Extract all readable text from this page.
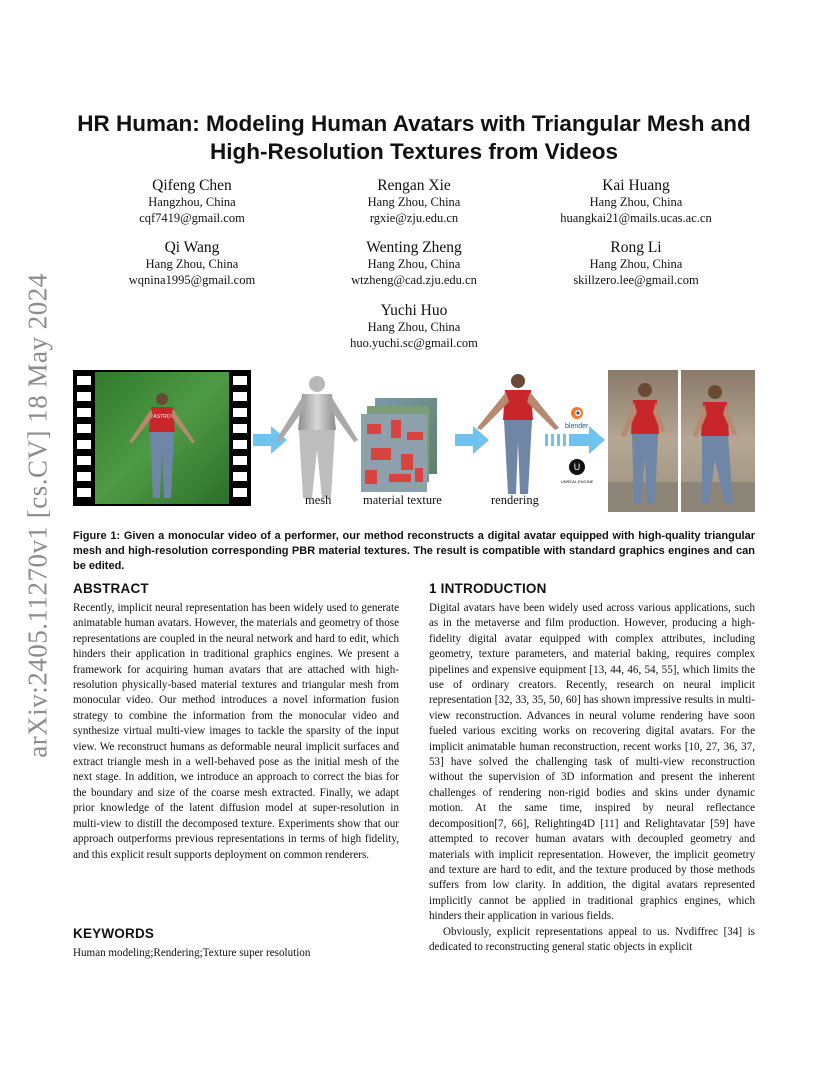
arXiv:2405.11270v1 [cs.CV] 18 May 2024
HR Human: Modeling Human Avatars with Triangular Mesh and
High-Resolution Textures from Videos
Qifeng Chen
Hangzhou, China
cqf7419@gmail.com
Rengan Xie
Hang Zhou, China
rgxie@zju.edu.cn
Kai Huang
Hang Zhou, China
huangkai21@mails.ucas.ac.cn
Qi Wang
Hang Zhou, China
wqnina1995@gmail.com
Wenting Zheng
Hang Zhou, China
wtzheng@cad.zju.edu.cn
Rong Li
Hang Zhou, China
skillzero.lee@gmail.com
Yuchi Huo
Hang Zhou, China
huo.yuchi.sc@gmail.com
ASTRO
blender
U
UNREAL ENGINE
mesh	material texture	rendering
Figure 1: Given a monocular video of a performer, our method reconstructs a digital avatar equipped with high-quality triangular mesh and high-resolution corresponding PBR material textures. The result is compatible with standard graphics engines and can be edited.
ABSTRACT

Recently, implicit neural representation has been widely used to generate animatable human avatars. However, the materials and geometry of those representations are coupled in the neural network and hard to edit, which hinders their application in traditional graphics engines. We present a framework for acquiring human avatars that are attached with high-resolution physically-based material textures and triangular mesh from monocular video. Our method introduces a novel information fusion strategy to combine the information from the monocular video and synthesize virtual multi-view images to tackle the sparsity of the input view. We reconstruct humans as deformable neural implicit surfaces and extract triangle mesh in a well-behaved pose as the initial mesh of the next stage. In addition, we introduce an approach to correct the bias for the boundary and size of the coarse mesh extracted. Finally, we adapt prior knowledge of the latent diffusion model at super-resolution in multi-view to distill the decomposed texture. Experiments show that our approach outperforms previous representations in terms of high fidelity, and this explicit result supports deployment on common renderers.

KEYWORDS
Human modeling;Rendering;Texture super resolution
1 INTRODUCTION

Digital avatars have been widely used across various applications, such as in the metaverse and film production. However, producing a high-fidelity digital avatar equipped with complex attributes, including geometry, texture parameters, and material baking, requires complex pipelines and expensive equipment [13, 44, 46, 54, 55], which limits the use of ordinary creators. Recently, research on neural implicit representation [32, 33, 35, 50, 60] has shown impressive results in multi-view reconstruction. Advances in neural volume rendering have soon fueled various exciting works on recovering digital avatars. For the implicit animatable human reconstruction, recent works [10, 27, 36, 37, 53] have solved the challenging task of multi-view reconstruction without the supervision of 3D information and present the inherent challenges of rendering non-rigid bodies and skins under dynamic motion. At the same time, inspired by neural reflectance decomposition[7, 66], Relighting4D [11] and Relightavatar [59] have attempted to recover human avatars with decoupled geometry and materials with implicit representation. However, the implicit geometry and texture are hard to edit, and the texture produced by those methods suffers from low clarity. In addition, the digital avatars represented implicitly cannot be applied in traditional graphics engines, which hinders their application in various fields.

Obviously, explicit representations appeal to us. Nvdiffrec [34] is dedicated to reconstructing general static objects in explicit
